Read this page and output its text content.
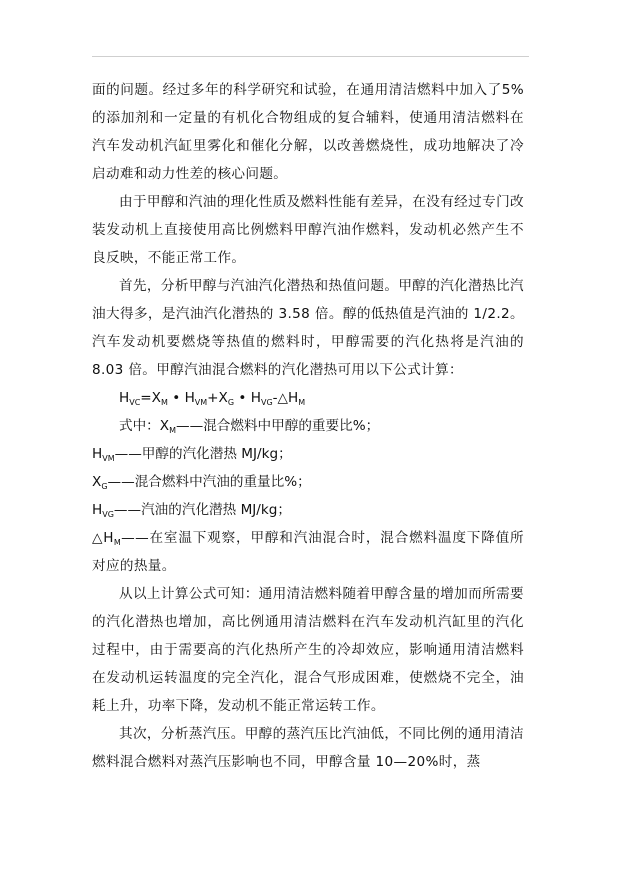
面的问题。经过多年的科学研究和试验，在通用清洁燃料中加入了5%的添加剂和一定量的有机化合物组成的复合辅料，使通用清洁燃料在汽车发动机汽缸里雾化和催化分解，以改善燃烧性，成功地解决了冷启动难和动力性差的核心问题。

由于甲醇和汽油的理化性质及燃料性能有差异，在没有经过专门改装发动机上直接使用高比例燃料甲醇汽油作燃料，发动机必然产生不良反映，不能正常工作。

首先，分析甲醇与汽油汽化潜热和热值问题。甲醇的汽化潜热比汽油大得多，是汽油汽化潜热的 3.58 倍。醇的低热值是汽油的 1/2.2。汽车发动机要燃烧等热值的燃料时，甲醇需要的汽化热将是汽油的 8.03 倍。甲醇汽油混合燃料的汽化潜热可用以下公式计算：

$H_{VC}=X_M$ • $H_{VM}+X_G$ • $H_{VG}-\triangle H_M$

式中：$X_M——$混合燃料中甲醇的重要比%；

$H_{VM}——$甲醇的汽化潜热 MJ/kg；

$X_G——$混合燃料中汽油的重量比%；

$H_{VG}——$汽油的汽化潜热 MJ/kg；

$\triangle H_M——$在室温下观察，甲醇和汽油混合时，混合燃料温度下降值所对应的热量。

从以上计算公式可知：通用清洁燃料随着甲醇含量的增加而所需要的汽化潜热也增加，高比例通用清洁燃料在汽车发动机汽缸里的汽化过程中，由于需要高的汽化热所产生的冷却效应，影响通用清洁燃料在发动机运转温度的完全汽化，混合气形成困难，使燃烧不完全，油耗上升，功率下降，发动机不能正常运转工作。

其次，分析蒸汽压。甲醇的蒸汽压比汽油低，不同比例的通用清洁燃料混合燃料对蒸汽压影响也不同，甲醇含量 10—20%时，蒸
